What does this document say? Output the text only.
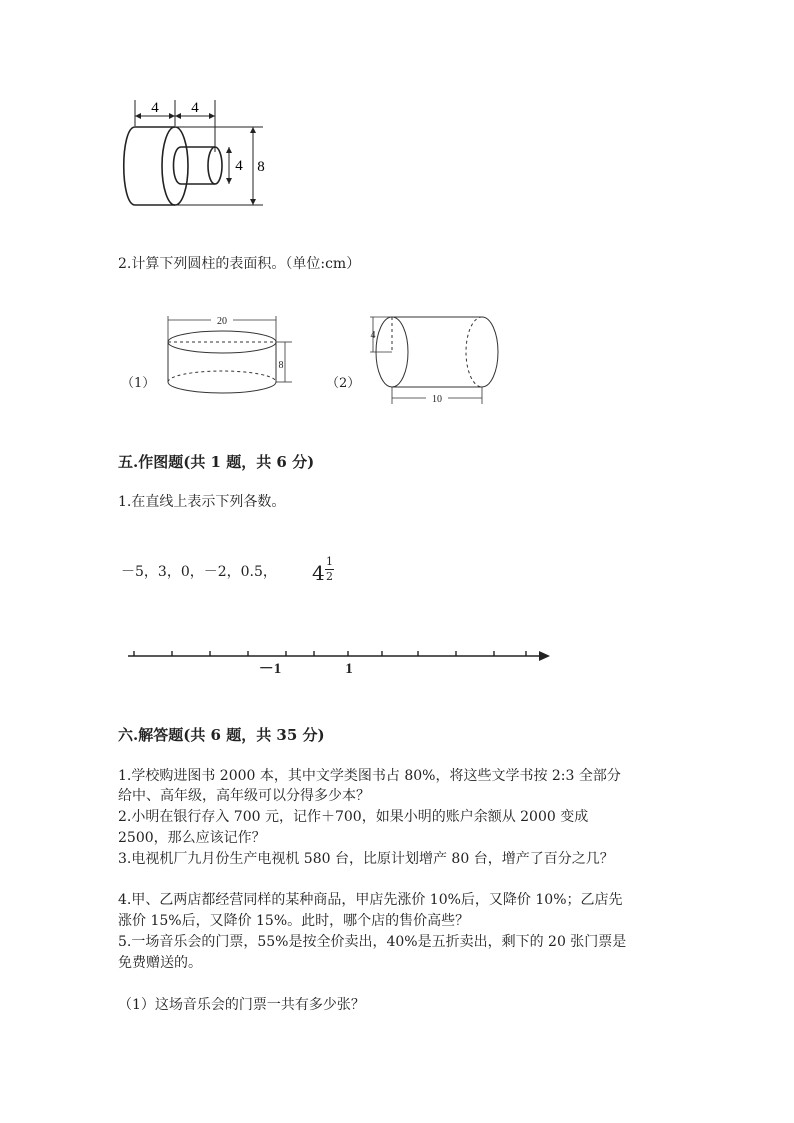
4 4
4 8
2.计算下列圆柱的表面积。（单位:cm）
（1）
20
8
（2）
4
10
五.作图题(共 1 题，共 6 分)
1.在直线上表示下列各数。
－5，3，0，－2，0.5， 4 1
2
－1	1
六.解答题(共 6 题，共 35 分)
1.学校购进图书 2000 本，其中文学类图书占 80%，将这些文学书按 2:3 全部分
给中、高年级，高年级可以分得多少本？
2.小明在银行存入 700 元，记作＋700，如果小明的账户余额从 2000 变成
2500，那么应该记作？
3.电视机厂九月份生产电视机 580 台，比原计划增产 80 台，增产了百分之几？
4.甲、乙两店都经营同样的某种商品，甲店先涨价 10%后，又降价 10%；乙店先
涨价 15%后，又降价 15%。此时，哪个店的售价高些？
5.一场音乐会的门票，55%是按全价卖出，40%是五折卖出，剩下的 20 张门票是
免费赠送的。
（1）这场音乐会的门票一共有多少张？
